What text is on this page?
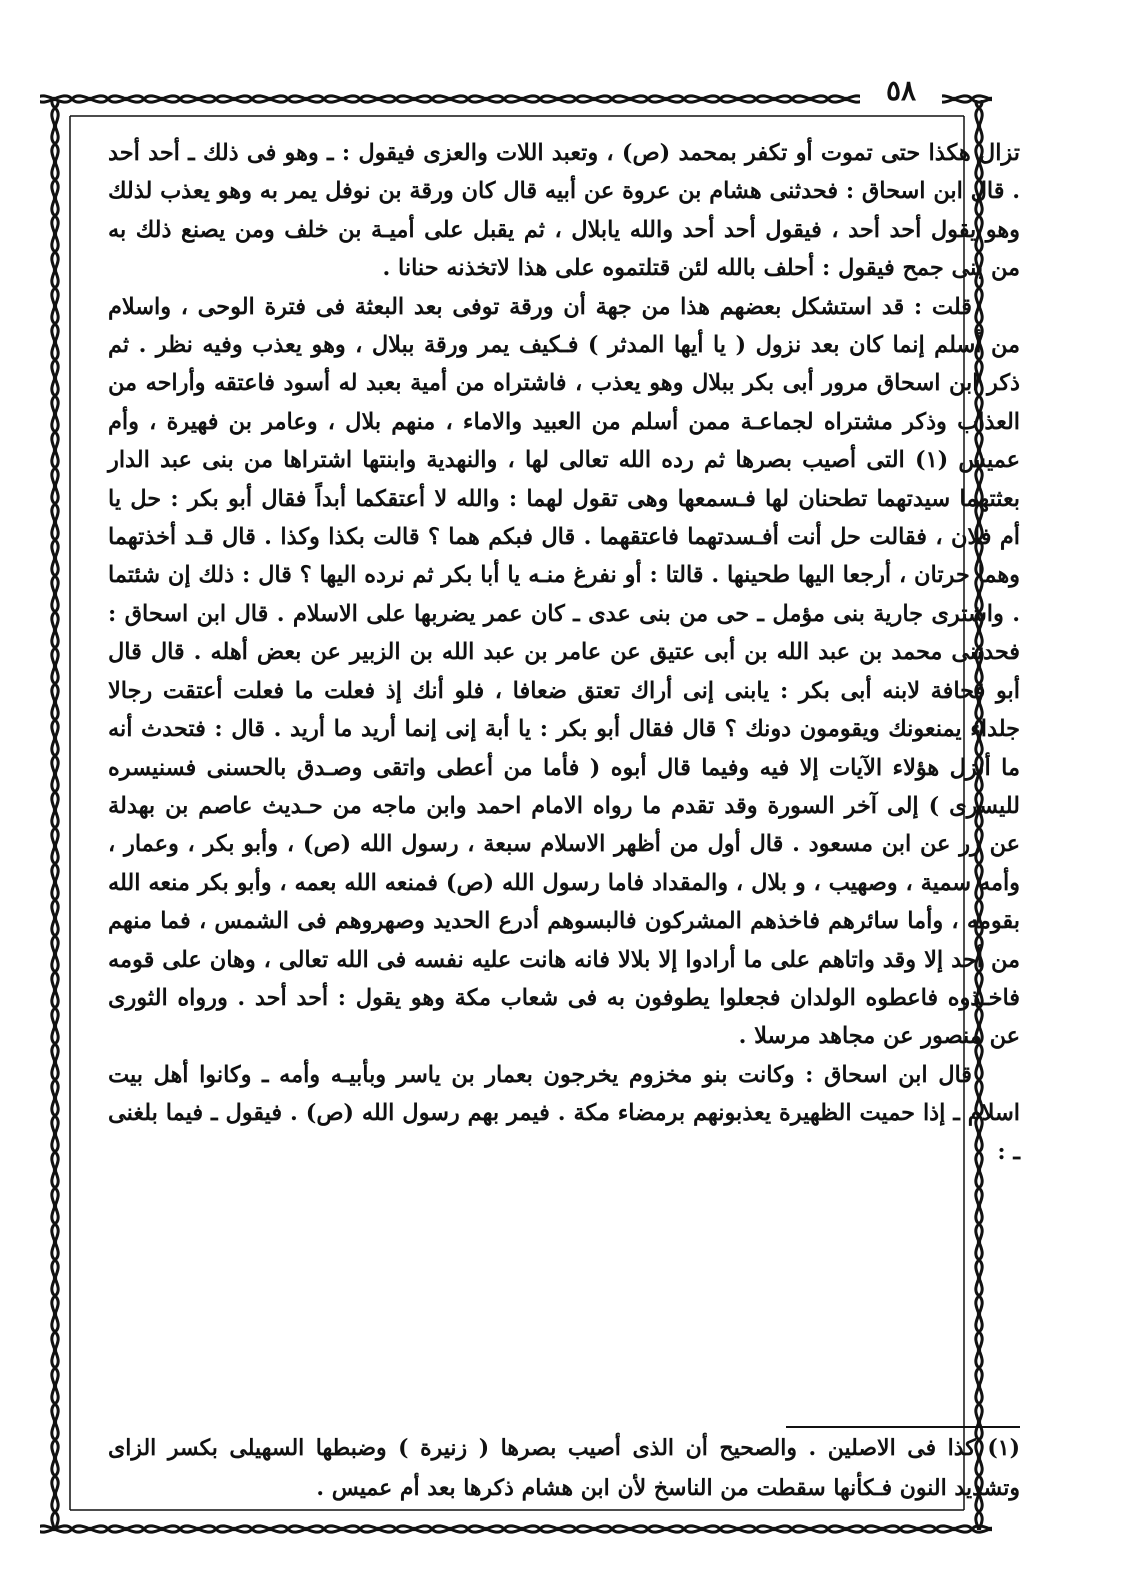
٥٨

تزال هكذا حتى تموت أو تكفر بمحمد (ص) ، وتعبد اللات والعزى فيقول : ـ وهو فى ذلك ـ أحد أحد . قال ابن اسحاق : فحدثنى هشام بن عروة عن أبيه قال كان ورقة بن نوفل يمر به وهو يعذب لذلك وهو يقول أحد أحد ، فيقول أحد أحد والله يابلال ، ثم يقبل على أميـة بن خلف ومن يصنع ذلك به من بنى جمح فيقول : أحلف بالله لئن قتلتموه على هذا لاتخذنه حنانا .

قلت : قد استشكل بعضهم هذا من جهة أن ورقة توفى بعد البعثة فى فترة الوحى ، واسلام من أسلم إنما كان بعد نزول ( يا أيها المدثر ) فـكيف يمر ورقة ببلال ، وهو يعذب وفيه نظر . ثم ذكر ابن اسحاق مرور أبى بكر ببلال وهو يعذب ، فاشتراه من أمية بعبد له أسود فاعتقه وأراحه من العذاب وذكر مشتراه لجماعـة ممن أسلم من العبيد والاماء ، منهم بلال ، وعامر بن فهيرة ، وأم عميس (١) التى أصيب بصرها ثم رده الله تعالى لها ، والنهدية وابنتها اشتراها من بنى عبد الدار بعثتهما سيدتهما تطحنان لها فـسمعها وهى تقول لهما : والله لا أعتقكما أبداً فقال أبو بكر : حل يا أم فلان ، فقالت حل أنت أفـسدتهما فاعتقهما . قال فبكم هما ؟ قالت بكذا وكذا . قال قـد أخذتهما وهما حرتان ، أرجعا اليها طحينها . قالتا : أو نفرغ منـه يا أبا بكر ثم نرده اليها ؟ قال : ذلك إن شئتما . واشترى جارية بنى مؤمل ـ حى من بنى عدى ـ كان عمر يضربها على الاسلام . قال ابن اسحاق : فحدثنى محمد بن عبد الله بن أبى عتيق عن عامر بن عبد الله بن الزبير عن بعض أهله . قال قال أبو قحافة لابنه أبى بكر : يابنى إنى أراك تعتق ضعافا ، فلو أنك إذ فعلت ما فعلت أعتقت رجالا جلداء يمنعونك ويقومون دونك ؟ قال فقال أبو بكر : يا أبة إنى إنما أريد ما أريد . قال : فتحدث أنه ما أنزل هؤلاء الآيات إلا فيه وفيما قال أبوه ( فأما من أعطى واتقى وصـدق بالحسنى فسنيسره لليسرى ) إلى آخر السورة وقد تقدم ما رواه الامام احمد وابن ماجه من حـديث عاصم بن بهدلة عن زر عن ابن مسعود . قال أول من أظهر الاسلام سبعة ، رسول الله (ص) ، وأبو بكر ، وعمار ، وأمه سمية ، وصهيب ، و بلال ، والمقداد فاما رسول الله (ص) فمنعه الله بعمه ، وأبو بكر منعه الله بقومه ، وأما سائرهم فاخذهم المشركون فالبسوهم أدرع الحديد وصهروهم فى الشمس ، فما منهم من أحد إلا وقد واتاهم على ما أرادوا إلا بلالا فانه هانت عليه نفسه فى الله تعالى ، وهان على قومه فاخـذوه فاعطوه الولدان فجعلوا يطوفون به فى شعاب مكة وهو يقول : أحد أحد . ورواه الثورى عن منصور عن مجاهد مرسلا .

قال ابن اسحاق : وكانت بنو مخزوم يخرجون بعمار بن ياسر وبأبيـه وأمه ـ وكانوا أهل بيت اسلام ـ إذا حميت الظهيرة يعذبونهم برمضاء مكة . فيمر بهم رسول الله (ص) . فيقول ـ فيما بلغنى ـ :

(١) كذا فى الاصلين . والصحيح أن الذى أصيب بصرها ( زنيرة ) وضبطها السهيلى بكسر الزاى وتشديد النون فـكأنها سقطت من الناسخ لأن ابن هشام ذكرها بعد أم عميس .
